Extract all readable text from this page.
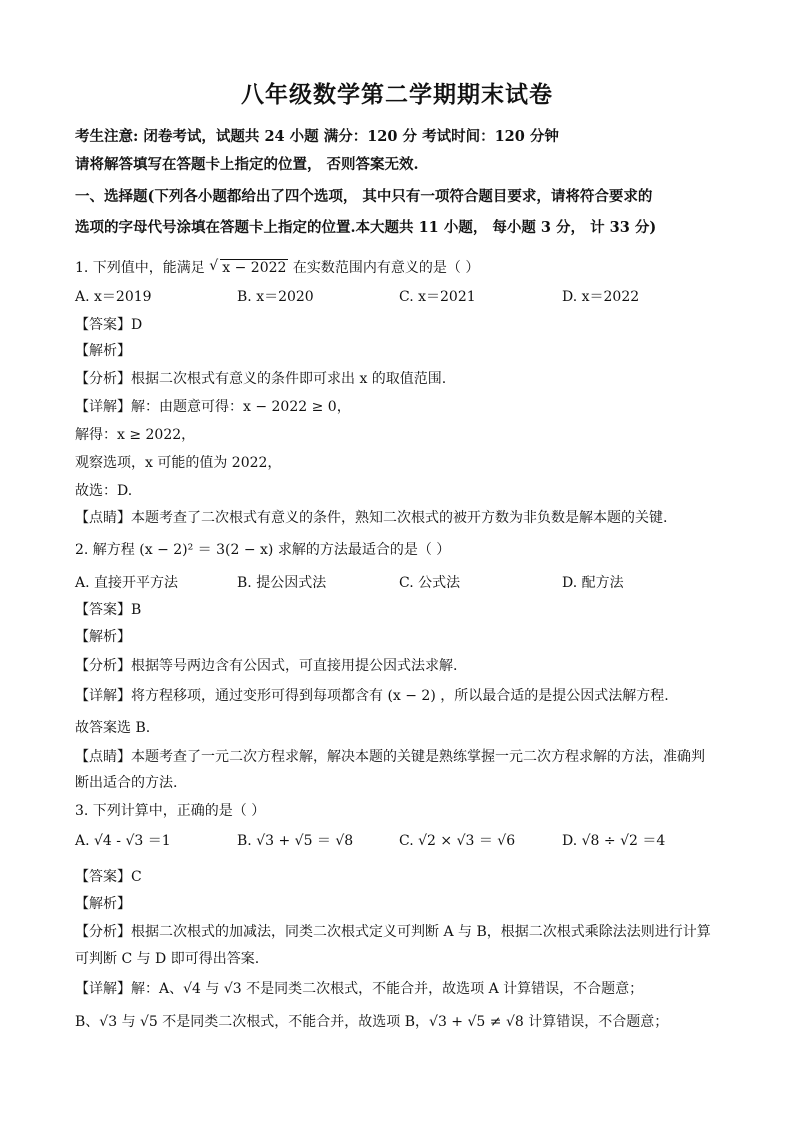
八年级数学第二学期期末试卷
考生注意: 闭卷考试，试题共 24 小题 满分：120 分 考试时间：120 分钟
请将解答填写在答题卡上指定的位置， 否则答案无效.
一、选择题(下列各小题都给出了四个选项， 其中只有一项符合题目要求，请将符合要求的
选项的字母代号涂填在答题卡上指定的位置.本大题共 11 小题， 每小题 3 分， 计 33 分)
1. 下列值中，能满足 √ x − 2022 在实数范围内有意义的是（ ）
A. x＝2019	B. x＝2020	C. x＝2021	D. x＝2022
【答案】D
【解析】
【分析】根据二次根式有意义的条件即可求出 x 的取值范围.
【详解】解：由题意可得：x − 2022 ≥ 0，
解得：x ≥ 2022，
观察选项，x 可能的值为 2022，
故选：D.
【点睛】本题考查了二次根式有意义的条件，熟知二次根式的被开方数为非负数是解本题的关键.
2. 解方程 (x − 2)² ＝ 3(2 − x) 求解的方法最适合的是（ ）
A. 直接开平方法	B. 提公因式法	C. 公式法	D. 配方法
【答案】B
【解析】
【分析】根据等号两边含有公因式，可直接用提公因式法求解.
【详解】将方程移项，通过变形可得到每项都含有 (x − 2) ，所以最合适的是提公因式法解方程.
故答案选 B.
【点睛】本题考查了一元二次方程求解，解决本题的关键是熟练掌握一元二次方程求解的方法，准确判
断出适合的方法.
3. 下列计算中，正确的是（ ）
A. √4 - √3 ＝1	B. √3 + √5 ＝ √8	C. √2 × √3 ＝ √6	D. √8 ÷ √2 ＝4
【答案】C
【解析】
【分析】根据二次根式的加减法，同类二次根式定义可判断 A 与 B，根据二次根式乘除法法则进行计算
可判断 C 与 D 即可得出答案.
【详解】解：A、√4 与 √3 不是同类二次根式，不能合并，故选项 A 计算错误，不合题意；
B、√3 与 √5 不是同类二次根式，不能合并，故选项 B，√3 + √5 ≠ √8 计算错误，不合题意；
